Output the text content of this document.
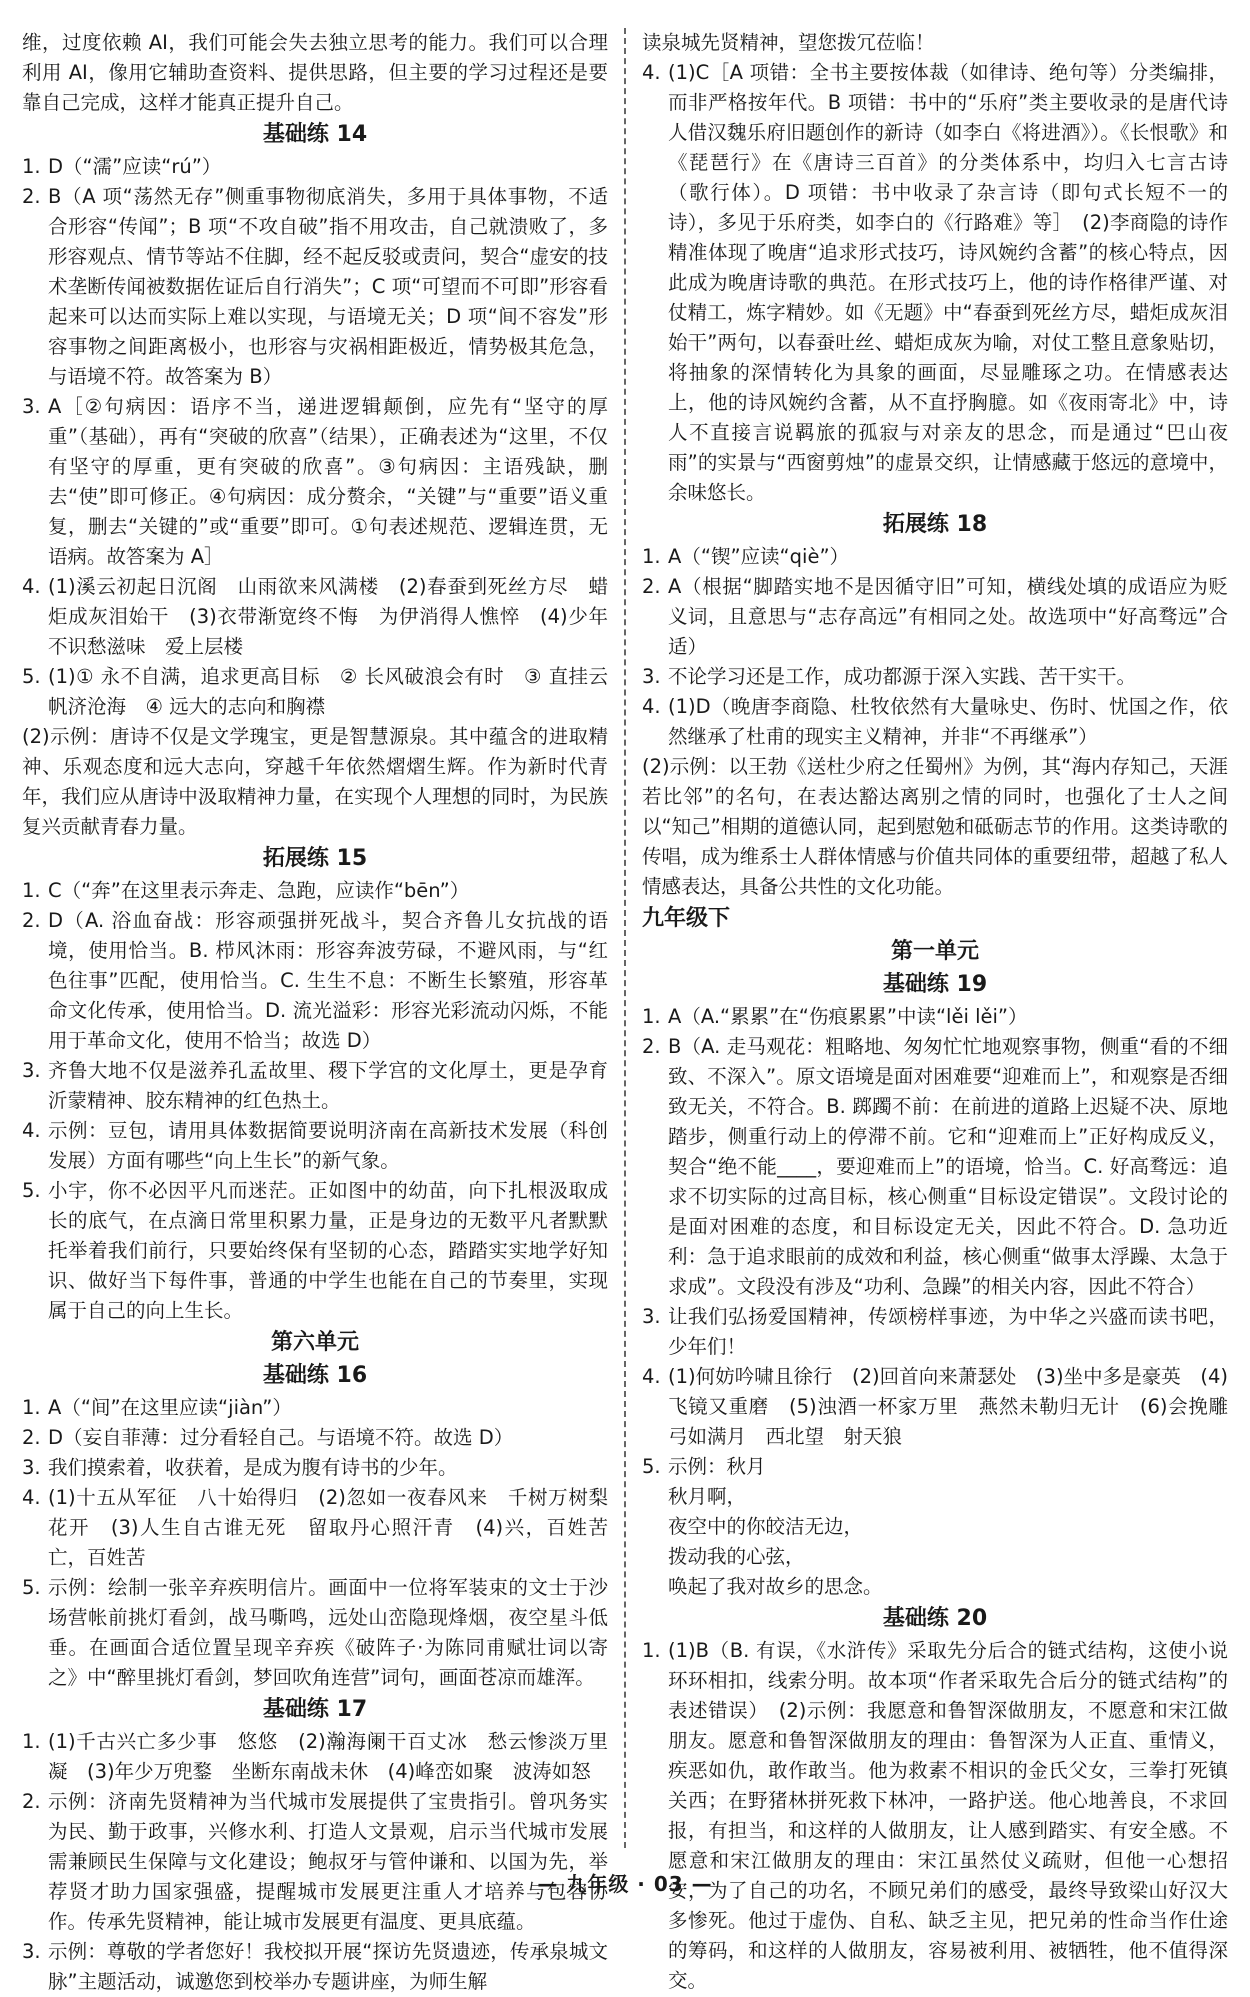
维，过度依赖 AI，我们可能会失去独立思考的能力。我们可以合理利用 AI，像用它辅助查资料、提供思路，但主要的学习过程还是要靠自己完成，这样才能真正提升自己。
基础练 14
1. D（“濡”应读“rú”）
2. B（A 项“荡然无存”侧重事物彻底消失，多用于具体事物，不适合形容“传闻”；B 项“不攻自破”指不用攻击，自己就溃败了，多形容观点、情节等站不住脚，经不起反驳或责问，契合“虚安的技术垄断传闻被数据佐证后自行消失”；C 项“可望而不可即”形容看起来可以达而实际上难以实现，与语境无关；D 项“间不容发”形容事物之间距离极小，也形容与灾祸相距极近，情势极其危急，与语境不符。故答案为 B）
3. A［②句病因：语序不当，递进逻辑颠倒，应先有“坚守的厚重”（基础），再有“突破的欣喜”（结果），正确表述为“这里，不仅有坚守的厚重，更有突破的欣喜”。③句病因：主语残缺，删去“使”即可修正。④句病因：成分赘余，“关键”与“重要”语义重复，删去“关键的”或“重要”即可。①句表述规范、逻辑连贯，无语病。故答案为 A］
4. (1)溪云初起日沉阁　山雨欲来风满楼　(2)春蚕到死丝方尽　蜡炬成灰泪始干　(3)衣带渐宽终不悔　为伊消得人憔悴　(4)少年不识愁滋味　爱上层楼
5. (1)① 永不自满，追求更高目标　② 长风破浪会有时　③ 直挂云帆济沧海　④ 远大的志向和胸襟
(2)示例：唐诗不仅是文学瑰宝，更是智慧源泉。其中蕴含的进取精神、乐观态度和远大志向，穿越千年依然熠熠生辉。作为新时代青年，我们应从唐诗中汲取精神力量，在实现个人理想的同时，为民族复兴贡献青春力量。
拓展练 15
1. C（“奔”在这里表示奔走、急跑，应读作“bēn”）
2. D（A. 浴血奋战：形容顽强拼死战斗，契合齐鲁儿女抗战的语境，使用恰当。B. 栉风沐雨：形容奔波劳碌，不避风雨，与“红色往事”匹配，使用恰当。C. 生生不息：不断生长繁殖，形容革命文化传承，使用恰当。D. 流光溢彩：形容光彩流动闪烁，不能用于革命文化，使用不恰当；故选 D）
3. 齐鲁大地不仅是滋养孔孟故里、稷下学宫的文化厚土，更是孕育沂蒙精神、胶东精神的红色热土。
4. 示例：豆包，请用具体数据简要说明济南在高新技术发展（科创发展）方面有哪些“向上生长”的新气象。
5. 小宇，你不必因平凡而迷茫。正如图中的幼苗，向下扎根汲取成长的底气，在点滴日常里积累力量，正是身边的无数平凡者默默托举着我们前行，只要始终保有坚韧的心态，踏踏实实地学好知识、做好当下每件事，普通的中学生也能在自己的节奏里，实现属于自己的向上生长。
第六单元
基础练 16
1. A（“间”在这里应读“jiàn”）
2. D（妄自菲薄：过分看轻自己。与语境不符。故选 D）
3. 我们摸索着，收获着，是成为腹有诗书的少年。
4. (1)十五从军征　八十始得归　(2)忽如一夜春风来　千树万树梨花开　(3)人生自古谁无死　留取丹心照汗青　(4)兴，百姓苦　亡，百姓苦
5. 示例：绘制一张辛弃疾明信片。画面中一位将军装束的文士于沙场营帐前挑灯看剑，战马嘶鸣，远处山峦隐现烽烟，夜空星斗低垂。在画面合适位置呈现辛弃疾《破阵子·为陈同甫赋壮词以寄之》中“醉里挑灯看剑，梦回吹角连营”词句，画面苍凉而雄浑。
基础练 17
1. (1)千古兴亡多少事　悠悠　(2)瀚海阑干百丈冰　愁云惨淡万里凝　(3)年少万兜鍪　坐断东南战未休　(4)峰峦如聚　波涛如怒
2. 示例：济南先贤精神为当代城市发展提供了宝贵指引。曾巩务实为民、勤于政事，兴修水利、打造人文景观，启示当代城市发展需兼顾民生保障与文化建设；鲍叔牙与管仲谦和、以国为先，举荐贤才助力国家强盛，提醒城市发展更注重人才培养与包容协作。传承先贤精神，能让城市发展更有温度、更具底蕴。
3. 示例：尊敬的学者您好！我校拟开展“探访先贤遗迹，传承泉城文脉”主题活动，诚邀您到校举办专题讲座，为师生解
读泉城先贤精神，望您拨冗莅临！
4. (1)C［A 项错：全书主要按体裁（如律诗、绝句等）分类编排，而非严格按年代。B 项错：书中的“乐府”类主要收录的是唐代诗人借汉魏乐府旧题创作的新诗（如李白《将进酒》）。《长恨歌》和《琵琶行》在《唐诗三百首》的分类体系中，均归入七言古诗（歌行体）。D 项错：书中收录了杂言诗（即句式长短不一的诗），多见于乐府类，如李白的《行路难》等］　(2)李商隐的诗作精准体现了晚唐“追求形式技巧，诗风婉约含蓄”的核心特点，因此成为晚唐诗歌的典范。在形式技巧上，他的诗作格律严谨、对仗精工，炼字精妙。如《无题》中“春蚕到死丝方尽，蜡炬成灰泪始干”两句，以春蚕吐丝、蜡炬成灰为喻，对仗工整且意象贴切，将抽象的深情转化为具象的画面，尽显雕琢之功。在情感表达上，他的诗风婉约含蓄，从不直抒胸臆。如《夜雨寄北》中，诗人不直接言说羁旅的孤寂与对亲友的思念，而是通过“巴山夜雨”的实景与“西窗剪烛”的虚景交织，让情感藏于悠远的意境中，余味悠长。
拓展练 18
1. A（“锲”应读“qiè”）
2. A（根据“脚踏实地不是因循守旧”可知，横线处填的成语应为贬义词，且意思与“志存高远”有相同之处。故选项中“好高骛远”合适）
3. 不论学习还是工作，成功都源于深入实践、苦干实干。
4. (1)D（晚唐李商隐、杜牧依然有大量咏史、伤时、忧国之作，依然继承了杜甫的现实主义精神，并非“不再继承”）
(2)示例：以王勃《送杜少府之任蜀州》为例，其“海内存知己，天涯若比邻”的名句，在表达豁达离别之情的同时，也强化了士人之间以“知己”相期的道德认同，起到慰勉和砥砺志节的作用。这类诗歌的传唱，成为维系士人群体情感与价值共同体的重要纽带，超越了私人情感表达，具备公共性的文化功能。
九年级下
第一单元
基础练 19
1. A（A.“累累”在“伤痕累累”中读“lěi lěi”）
2. B（A. 走马观花：粗略地、匆匆忙忙地观察事物，侧重“看的不细致、不深入”。原文语境是面对困难要“迎难而上”，和观察是否细致无关，不符合。B. 踯躅不前：在前进的道路上迟疑不决、原地踏步，侧重行动上的停滞不前。它和“迎难而上”正好构成反义，契合“绝不能____，要迎难而上”的语境，恰当。C. 好高骛远：追求不切实际的过高目标，核心侧重“目标设定错误”。文段讨论的是面对困难的态度，和目标设定无关，因此不符合。D. 急功近利：急于追求眼前的成效和利益，核心侧重“做事太浮躁、太急于求成”。文段没有涉及“功利、急躁”的相关内容，因此不符合）
3. 让我们弘扬爱国精神，传颂榜样事迹，为中华之兴盛而读书吧，少年们！
4. (1)何妨吟啸且徐行　(2)回首向来萧瑟处　(3)坐中多是豪英　(4)飞镜又重磨　(5)浊酒一杯家万里　燕然未勒归无计　(6)会挽雕弓如满月　西北望　射天狼
5. 示例：秋月
秋月啊，
夜空中的你皎洁无边，
拨动我的心弦，
唤起了我对故乡的思念。
基础练 20
1. (1)B（B. 有误，《水浒传》采取先分后合的链式结构，这使小说环环相扣，线索分明。故本项“作者采取先合后分的链式结构”的表述错误）　(2)示例：我愿意和鲁智深做朋友，不愿意和宋江做朋友。愿意和鲁智深做朋友的理由：鲁智深为人正直、重情义，疾恶如仇，敢作敢当。他为救素不相识的金氏父女，三拳打死镇关西；在野猪林拼死救下林冲，一路护送。他心地善良，不求回报，有担当，和这样的人做朋友，让人感到踏实、有安全感。不愿意和宋江做朋友的理由：宋江虽然仗义疏财，但他一心想招安，为了自己的功名，不顾兄弟们的感受，最终导致梁山好汉大多惨死。他过于虚伪、自私、缺乏主见，把兄弟的性命当作仕途的筹码，和这样的人做朋友，容易被利用、被牺牲，他不值得深交。
— 九年级 · 03 —
